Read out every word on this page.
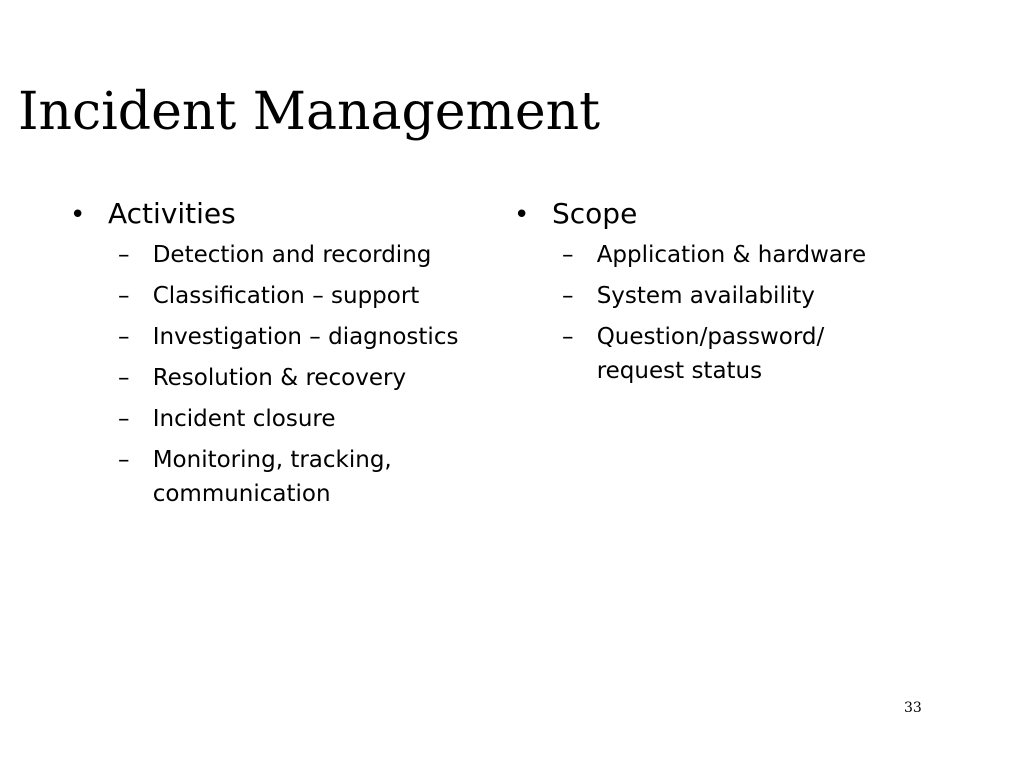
Incident Management
• Activities
–	Detection and recording
–	Classification – support
–	Investigation – diagnostics
–	Resolution & recovery
–	Incident closure
–	Monitoring, tracking, communication
• Scope
–	Application & hardware
–	System availability
–	Question/password/ request status
33
